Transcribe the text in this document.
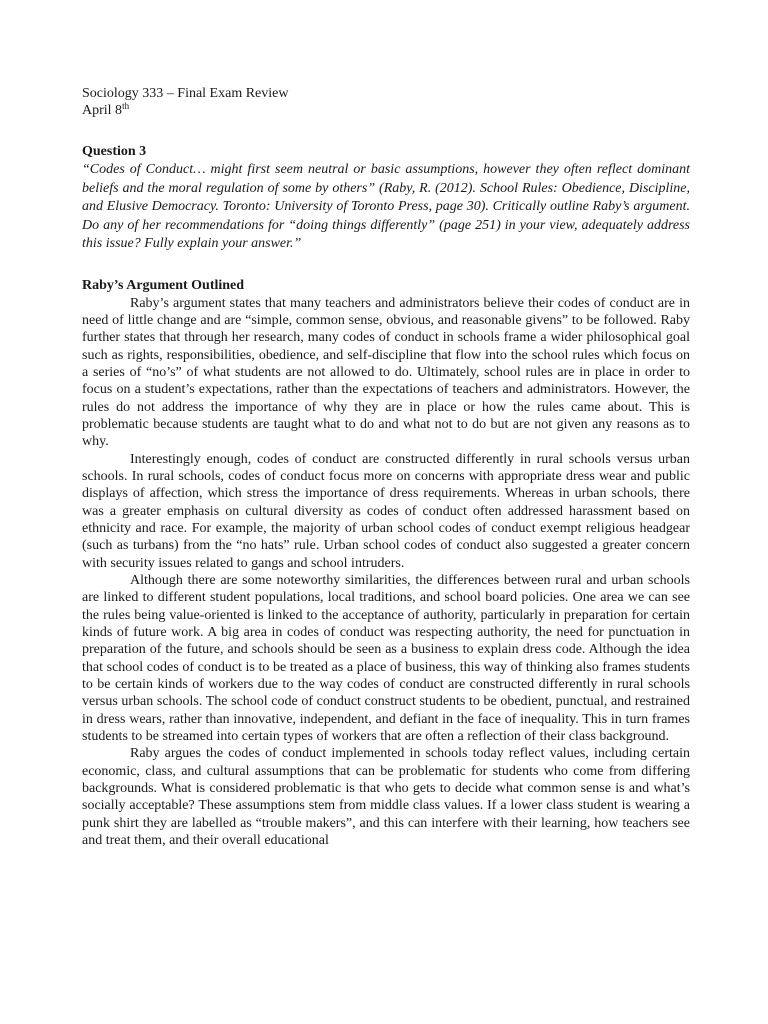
Sociology 333 – Final Exam Review

April 8th

Question 3

“Codes of Conduct… might first seem neutral or basic assumptions, however they often reflect dominant beliefs and the moral regulation of some by others” (Raby, R. (2012). School Rules: Obedience, Discipline, and Elusive Democracy. Toronto: University of Toronto Press, page 30). Critically outline Raby’s argument. Do any of her recommendations for “doing things differently” (page 251) in your view, adequately address this issue? Fully explain your answer.”

Raby’s Argument Outlined

Raby’s argument states that many teachers and administrators believe their codes of conduct are in need of little change and are “simple, common sense, obvious, and reasonable givens” to be followed. Raby further states that through her research, many codes of conduct in schools frame a wider philosophical goal such as rights, responsibilities, obedience, and self-discipline that flow into the school rules which focus on a series of “no’s” of what students are not allowed to do. Ultimately, school rules are in place in order to focus on a student’s expectations, rather than the expectations of teachers and administrators. However, the rules do not address the importance of why they are in place or how the rules came about. This is problematic because students are taught what to do and what not to do but are not given any reasons as to why.

Interestingly enough, codes of conduct are constructed differently in rural schools versus urban schools. In rural schools, codes of conduct focus more on concerns with appropriate dress wear and public displays of affection, which stress the importance of dress requirements. Whereas in urban schools, there was a greater emphasis on cultural diversity as codes of conduct often addressed harassment based on ethnicity and race. For example, the majority of urban school codes of conduct exempt religious headgear (such as turbans) from the “no hats” rule. Urban school codes of conduct also suggested a greater concern with security issues related to gangs and school intruders.

Although there are some noteworthy similarities, the differences between rural and urban schools are linked to different student populations, local traditions, and school board policies. One area we can see the rules being value-oriented is linked to the acceptance of authority, particularly in preparation for certain kinds of future work. A big area in codes of conduct was respecting authority, the need for punctuation in preparation of the future, and schools should be seen as a business to explain dress code. Although the idea that school codes of conduct is to be treated as a place of business, this way of thinking also frames students to be certain kinds of workers due to the way codes of conduct are constructed differently in rural schools versus urban schools. The school code of conduct construct students to be obedient, punctual, and restrained in dress wears, rather than innovative, independent, and defiant in the face of inequality. This in turn frames students to be streamed into certain types of workers that are often a reflection of their class background.

Raby argues the codes of conduct implemented in schools today reflect values, including certain economic, class, and cultural assumptions that can be problematic for students who come from differing backgrounds. What is considered problematic is that who gets to decide what common sense is and what’s socially acceptable? These assumptions stem from middle class values. If a lower class student is wearing a punk shirt they are labelled as “trouble makers”, and this can interfere with their learning, how teachers see and treat them, and their overall educational
